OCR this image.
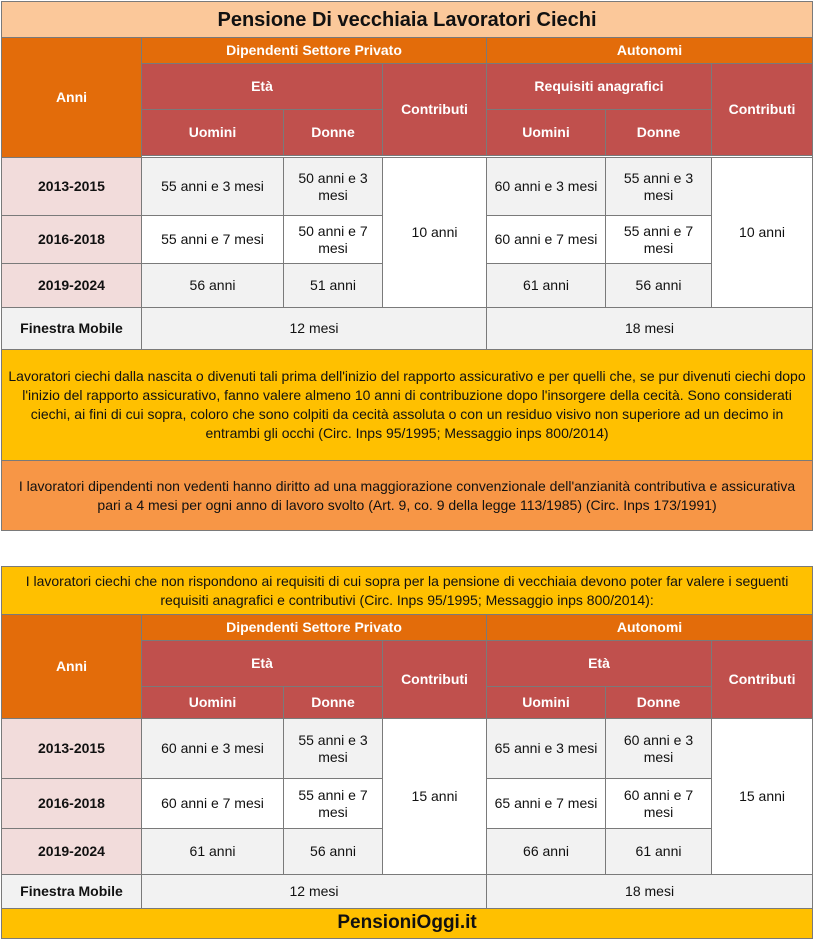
Pensione Di vecchiaia Lavoratori Ciechi						
Anni	Dipendenti Settore Privato			Autonomi		
	Età		Contributi	Requisiti anagrafici		Contributi
	Uomini	Donne		Uomini	Donne	

2013-2015	55 anni e 3 mesi	50 anni e 3 mesi	10 anni	60 anni e 3 mesi	55 anni e 3 mesi	10 anni
2016-2018	55 anni e 7 mesi	50 anni e 7 mesi		60 anni e 7 mesi	55 anni e 7 mesi	
2019-2024	56 anni	51 anni		61 anni	56 anni	
Finestra Mobile	12 mesi			18 mesi		
Lavoratori ciechi dalla nascita o divenuti tali prima dell'inizio del rapporto assicurativo e per quelli che, se pur divenuti ciechi dopo l'inizio del rapporto assicurativo, fanno valere almeno 10 anni di contribuzione dopo l'insorgere della cecità. Sono considerati ciechi, ai fini di cui sopra, coloro che sono colpiti da cecità assoluta o con un residuo visivo non superiore ad un decimo in entrambi gli occhi (Circ. Inps 95/1995; Messaggio inps 800/2014)						
I lavoratori dipendenti non vedenti hanno diritto ad una maggiorazione convenzionale dell'anzianità contributiva e assicurativa pari a 4 mesi per ogni anno di lavoro svolto (Art. 9, co. 9 della legge 113/1985) (Circ. Inps 173/1991)						
I lavoratori ciechi che non rispondono ai requisiti di cui sopra per la pensione di vecchiaia devono poter far valere i seguenti requisiti anagrafici e contributivi (Circ. Inps 95/1995; Messaggio inps 800/2014):						
Anni	Dipendenti Settore Privato			Autonomi		
	Età		Contributi	Età		Contributi
	Uomini	Donne		Uomini	Donne	
2013-2015	60 anni e 3 mesi	55 anni e 3 mesi	15 anni	65 anni e 3 mesi	60 anni e 3 mesi	15 anni
2016-2018	60 anni e 7 mesi	55 anni e 7 mesi		65 anni e 7 mesi	60 anni e 7 mesi	
2019-2024	61 anni	56 anni		66 anni	61 anni	
Finestra Mobile	12 mesi			18 mesi		
PensioniOggi.it						
